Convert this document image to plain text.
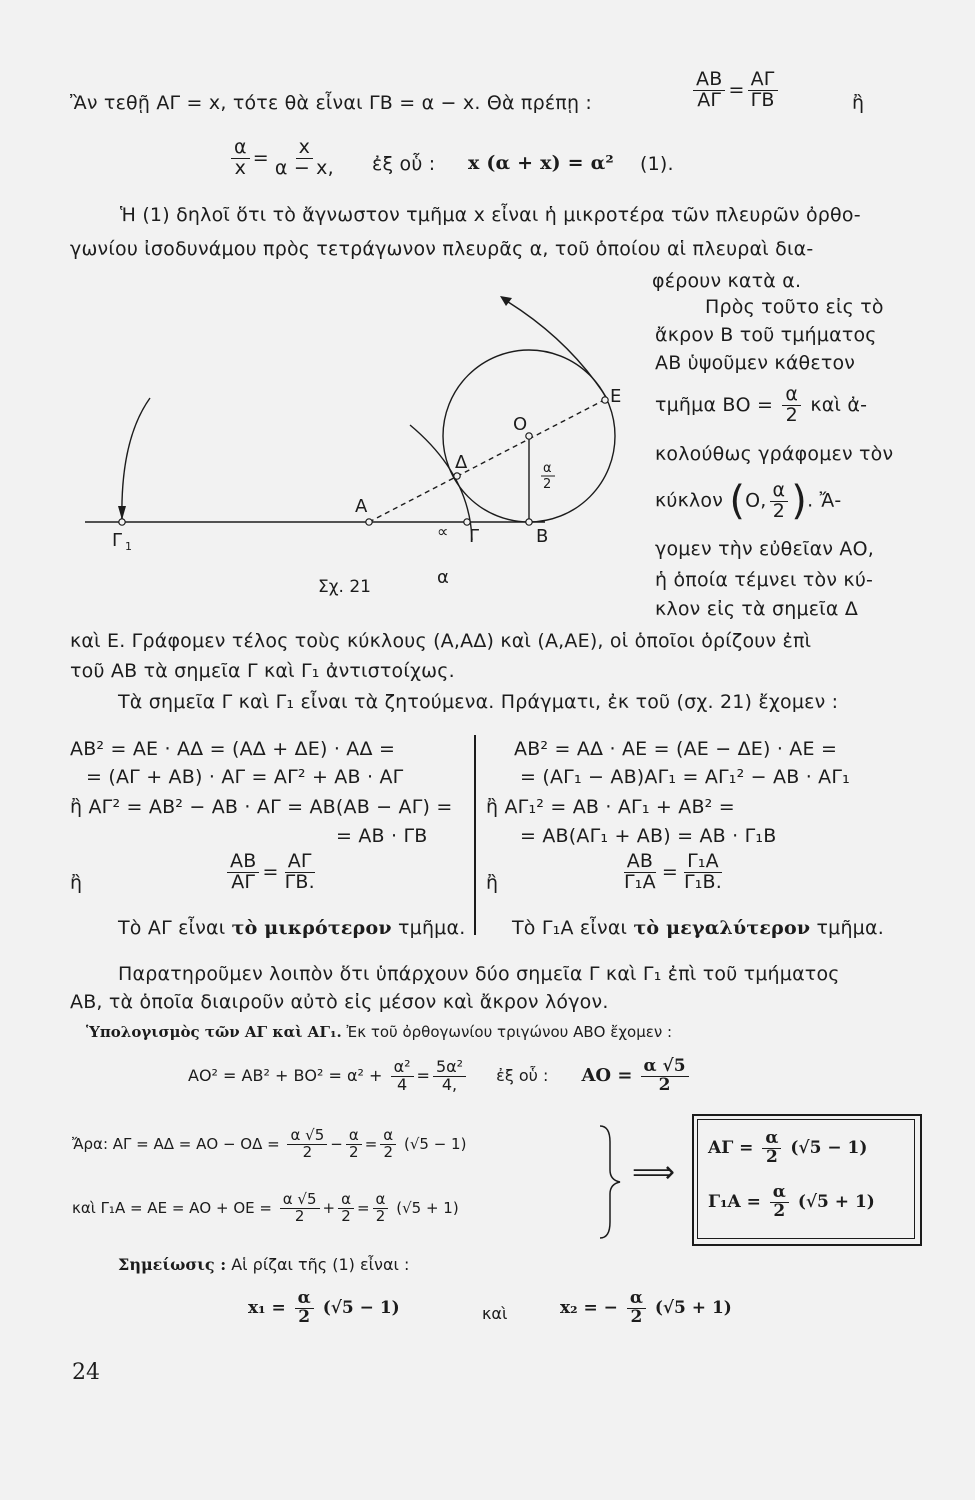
Ἂν τεθῇ ΑΓ = x, τότε θὰ εἶναι ΓΒ = α − x. Θὰ πρέπῃ :	$\frac{AB}{A\Gamma} = \frac{A\Gamma}{\Gamma B}$	ἢ
$\frac{\alpha}{x} = \frac{x}{\alpha - x,}$ ἐξ οὗ : x (α + x) = α² (1).
Ἡ (1) δηλοῖ ὅτι τὸ ἄγνωστον τμῆμα x εἶναι ἡ μικροτέρα τῶν πλευρῶν ὀρθο-
γωνίου ἰσοδυνάμου πρὸς τετράγωνον πλευρᾶς α, τοῦ ὁποίου αἱ πλευραὶ δια-
φέρουν κατὰ α.
Πρὸς τοῦτο εἰς τὸ
ἄκρον Β τοῦ τμήματος
ΑΒ ὑψοῦμεν κάθετον
τμῆμα $BO = \frac{\alpha}{2}$ καὶ ἀ-
κολούθως γράφομεν τὸν
κύκλον (Ο, $\frac{\alpha}{2}$ ). Ἄ-
γομεν τὴν εὐθεῖαν ΑΟ,
ἡ ὁποία τέμνει τὸν κύ-
κλον εἰς τὰ σημεῖα Δ
Γ 1
Α
∝ Γ	Β
Ο
Δ
Ε
α
2
Σχ. 21	α
καὶ Ε. Γράφομεν τέλος τοὺς κύκλους (Α,ΑΔ) καὶ (Α,ΑΕ), οἱ ὁποῖοι ὁρίζουν ἐπὶ
τοῦ ΑΒ τὰ σημεῖα Γ καὶ Γ₁ ἀντιστοίχως.
Τὰ σημεῖα Γ καὶ Γ₁ εἶναι τὰ ζητούμενα. Πράγματι, ἐκ τοῦ (σχ. 21) ἔχομεν :
ΑΒ² = ΑΕ · ΑΔ = (ΑΔ + ΔΕ) · ΑΔ =
= (ΑΓ + ΑΒ) · ΑΓ = ΑΓ² + ΑΒ · ΑΓ
ἢ ΑΓ² = ΑΒ² − ΑΒ · ΑΓ = ΑΒ(ΑΒ − ΑΓ) =
= ΑΒ · ΓΒ
ἢ	$\frac{AB}{A\Gamma} = \frac{A\Gamma}{\Gamma B.}$
Τὸ ΑΓ εἶναι τὸ μικρότερον τμῆμα.
ΑΒ² = ΑΔ · ΑΕ = (ΑΕ − ΔΕ) · ΑΕ =
= (ΑΓ₁ − ΑΒ)ΑΓ₁ = ΑΓ₁² − ΑΒ · ΑΓ₁
ἢ ΑΓ₁² = ΑΒ · ΑΓ₁ + ΑΒ² =
= ΑΒ(ΑΓ₁ + ΑΒ) = ΑΒ · Γ₁Β
ἢ	$\frac{AB}{\text{Γ₁Α}} = \frac{\text{Γ₁Α}}{\text{Γ₁Β.}}$
Τὸ Γ₁Α εἶναι τὸ μεγαλύτερον τμῆμα.
Παρατηροῦμεν λοιπὸν ὅτι ὑπάρχουν δύο σημεῖα Γ καὶ Γ₁ ἐπὶ τοῦ τμήματος
ΑΒ, τὰ ὁποῖα διαιροῦν αὐτὸ εἰς μέσον καὶ ἄκρον λόγον.
Ὑπολογισμὸς τῶν ΑΓ καὶ ΑΓ₁. Ἐκ τοῦ ὀρθογωνίου τριγώνου ΑΒΟ ἔχομεν :
$AO^2 = AB^2 + BO^2 = \alpha^2 + \frac{\text{α²}}{4} = \frac{\text{5α²}}{4,}$ ἐξ οὗ : $AO = \frac{\alpha √5}{2}$
Ἄρα: $A\Gamma = A\Delta = AO - O\Delta = \frac{\alpha √5}{2} - \frac{\alpha}{2} = \frac{\alpha}{2} (√5 - 1)$
καὶ $\Gamma_1A = AE = AO + OE = \frac{\alpha √5}{2} + \frac{\alpha}{2} = \frac{\alpha}{2} (√5 + 1)$
⟹
$A\Gamma = \frac{\alpha}{2} (√5 - 1)$
$\Gamma_1A = \frac{\alpha}{2} (√5 + 1)$
Σημείωσις : Αἱ ρίζαι τῆς (1) εἶναι :
$x_1 = \frac{\alpha}{2} (√5 - 1)$	καὶ	x₂ = − $\frac{\alpha}{2} (√5 + 1)$
24
